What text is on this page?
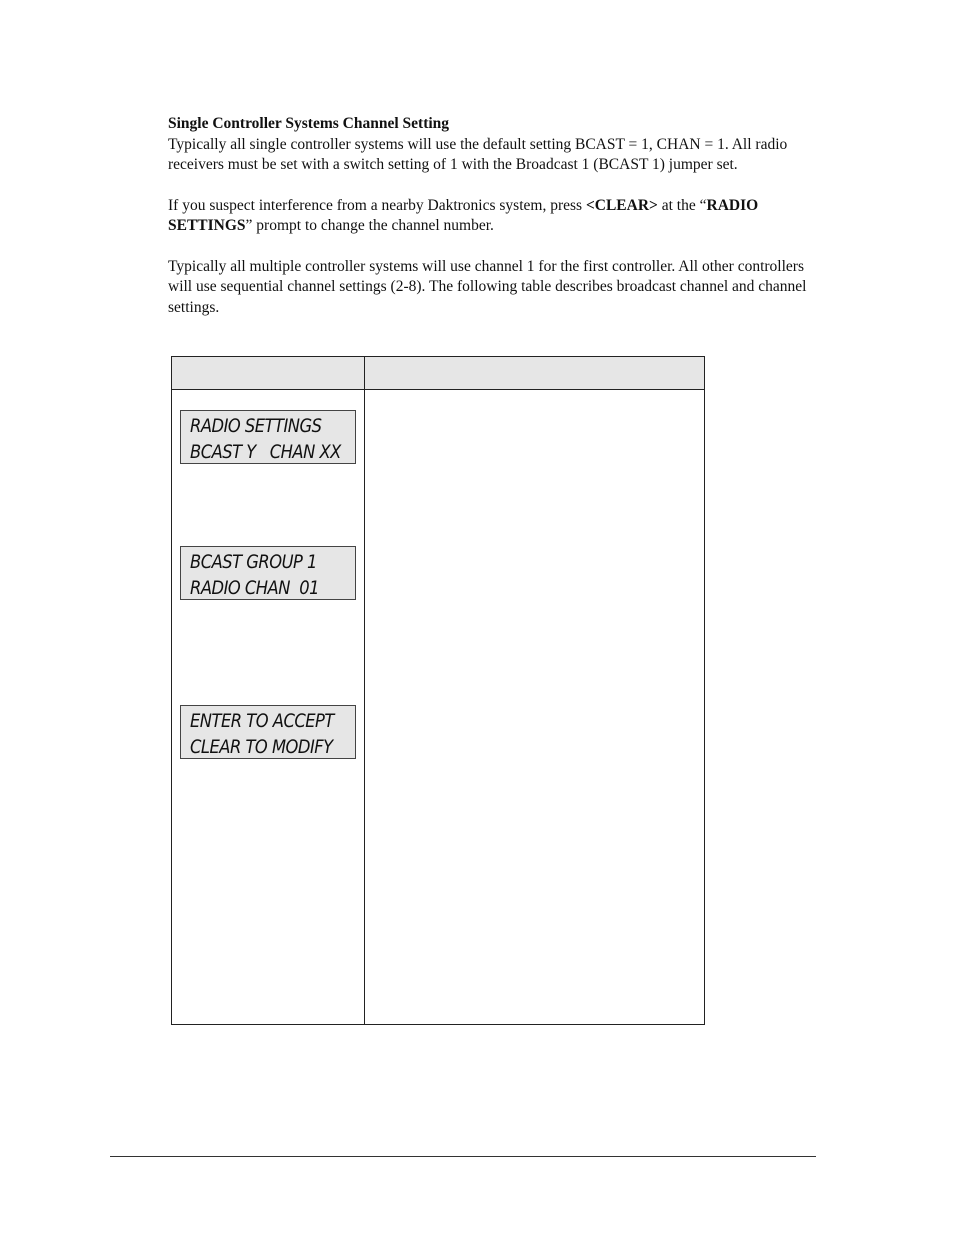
Single Controller Systems Channel Setting

Typically all single controller systems will use the default setting BCAST = 1, CHAN = 1. All radio receivers must be set with a switch setting of 1 with the Broadcast 1 (BCAST 1) jumper set.

If you suspect interference from a nearby Daktronics system, press <CLEAR> at the “RADIO SETTINGS” prompt to change the channel number.

Typically all multiple controller systems will use channel 1 for the first controller. All other controllers will use sequential channel settings (2-8). The following table describes broadcast channel and channel settings.

RADIO SETTINGS
BCAST Y   CHAN XX
BCAST GROUP 1
RADIO CHAN  01
ENTER TO ACCEPT
CLEAR TO MODIFY
